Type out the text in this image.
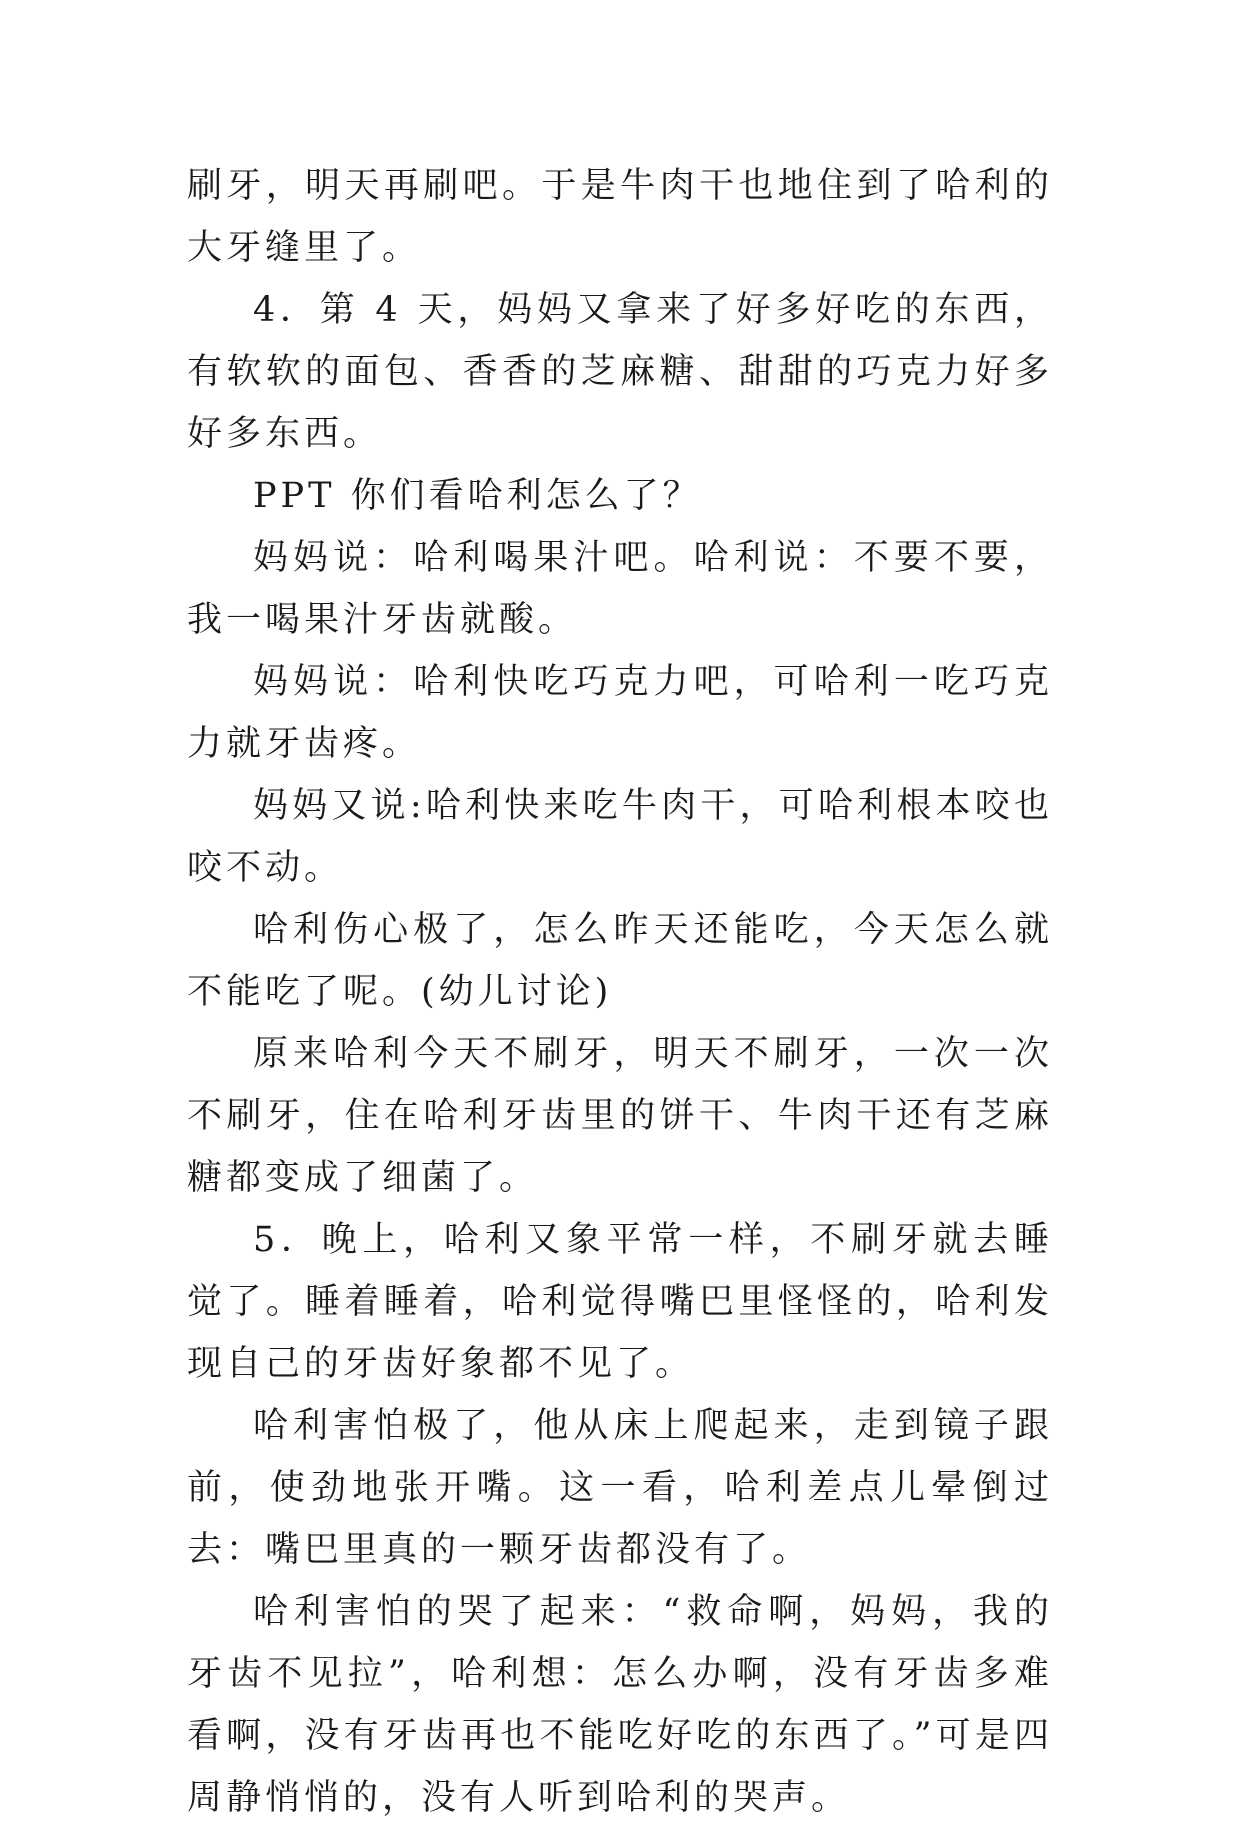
刷牙，明天再刷吧。于是牛肉干也地住到了哈利的大牙缝里了。

4．第 4 天，妈妈又拿来了好多好吃的东西，有软软的面包、香香的芝麻糖、甜甜的巧克力好多好多东西。

PPT 你们看哈利怎么了？

妈妈说：哈利喝果汁吧。哈利说：不要不要，我一喝果汁牙齿就酸。

妈妈说：哈利快吃巧克力吧，可哈利一吃巧克力就牙齿疼。

妈妈又说:哈利快来吃牛肉干，可哈利根本咬也咬不动。

哈利伤心极了，怎么昨天还能吃，今天怎么就不能吃了呢。(幼儿讨论)

原来哈利今天不刷牙，明天不刷牙，一次一次不刷牙，住在哈利牙齿里的饼干、牛肉干还有芝麻糖都变成了细菌了。

5．晚上，哈利又象平常一样，不刷牙就去睡觉了。睡着睡着，哈利觉得嘴巴里怪怪的，哈利发现自己的牙齿好象都不见了。

哈利害怕极了，他从床上爬起来，走到镜子跟前，使劲地张开嘴。这一看，哈利差点儿晕倒过去：嘴巴里真的一颗牙齿都没有了。

哈利害怕的哭了起来：“救命啊，妈妈，我的牙齿不见拉”，哈利想：怎么办啊，没有牙齿多难看啊，没有牙齿再也不能吃好吃的东西了。”可是四周静悄悄的，没有人听到哈利的哭声。
